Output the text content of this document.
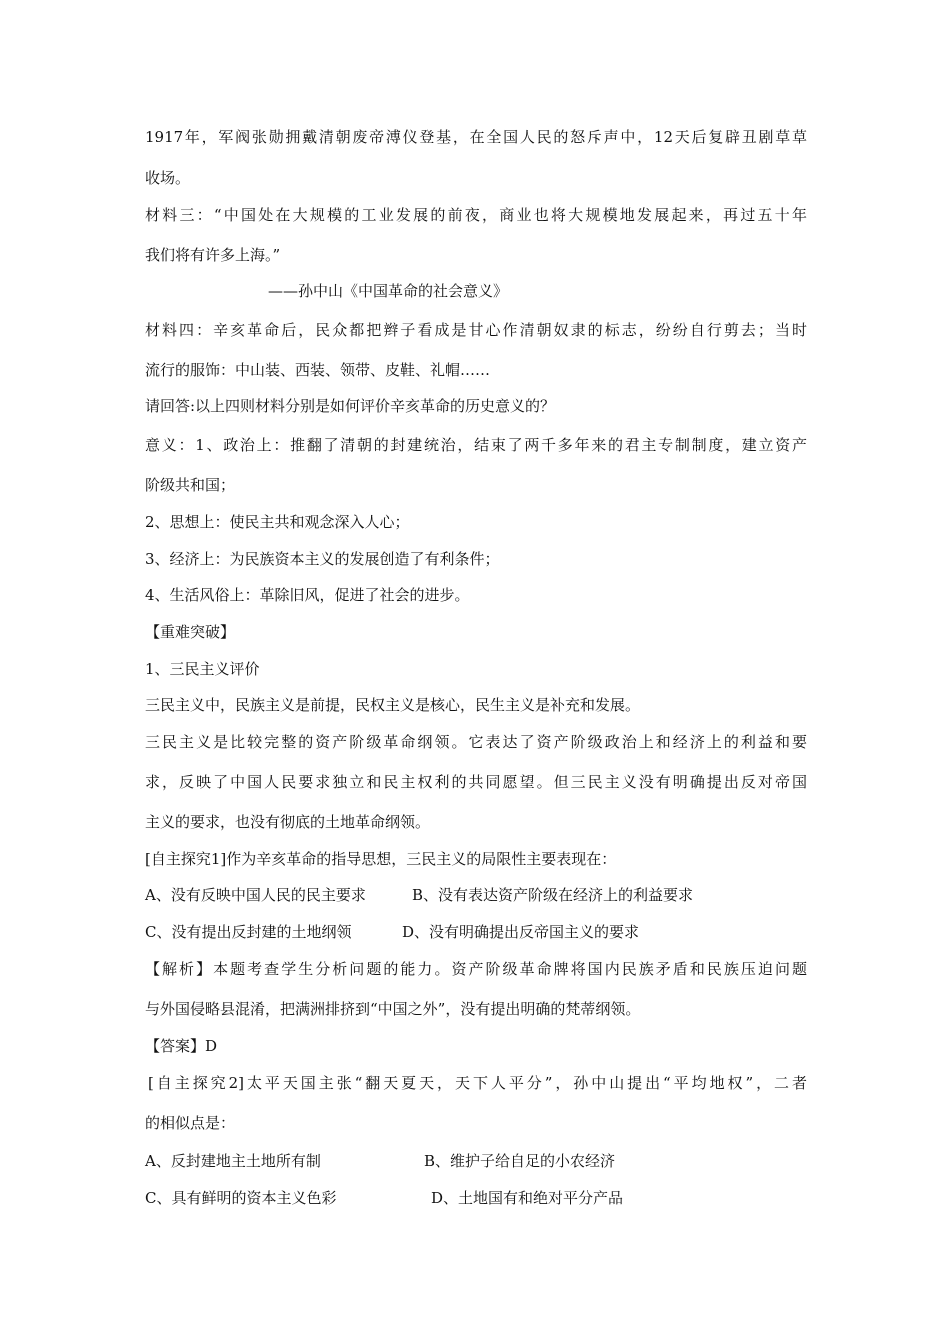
1917年，军阀张勋拥戴清朝废帝溥仪登基，在全国人民的怒斥声中，12天后复辟丑剧草草
收场。
材料三：“中国处在大规模的工业发展的前夜，商业也将大规模地发展起来，再过五十年
我们将有许多上海。”
——孙中山《中国革命的社会意义》
材料四：辛亥革命后，民众都把辫子看成是甘心作清朝奴隶的标志，纷纷自行剪去；当时
流行的服饰：中山装、西装、领带、皮鞋、礼帽……
请回答:以上四则材料分别是如何评价辛亥革命的历史意义的？
意义：1、政治上：推翻了清朝的封建统治，结束了两千多年来的君主专制制度，建立资产
阶级共和国；
2、思想上：使民主共和观念深入人心；
3、经济上：为民族资本主义的发展创造了有利条件；
4、生活风俗上：革除旧风，促进了社会的进步。
【重难突破】
1、三民主义评价
三民主义中，民族主义是前提，民权主义是核心，民生主义是补充和发展。
三民主义是比较完整的资产阶级革命纲领。它表达了资产阶级政治上和经济上的利益和要
求，反映了中国人民要求独立和民主权利的共同愿望。但三民主义没有明确提出反对帝国
主义的要求，也没有彻底的土地革命纲领。
[自主探究1]作为辛亥革命的指导思想，三民主义的局限性主要表现在：
A、没有反映中国人民的民主要求	B、没有表达资产阶级在经济上的利益要求
C、没有提出反封建的土地纲领	D、没有明确提出反帝国主义的要求
【解析】本题考查学生分析问题的能力。资产阶级革命牌将国内民族矛盾和民族压迫问题
与外国侵略县混淆，把满洲排挤到“中国之外”，没有提出明确的梵蒂纲领。
【答案】D
[自主探究2]太平天国主张“翻天夏天，天下人平分”，孙中山提出“平均地权”，二者
的相似点是：
A、反封建地主土地所有制	B、维护子给自足的小农经济
C、具有鲜明的资本主义色彩	D、土地国有和绝对平分产品
